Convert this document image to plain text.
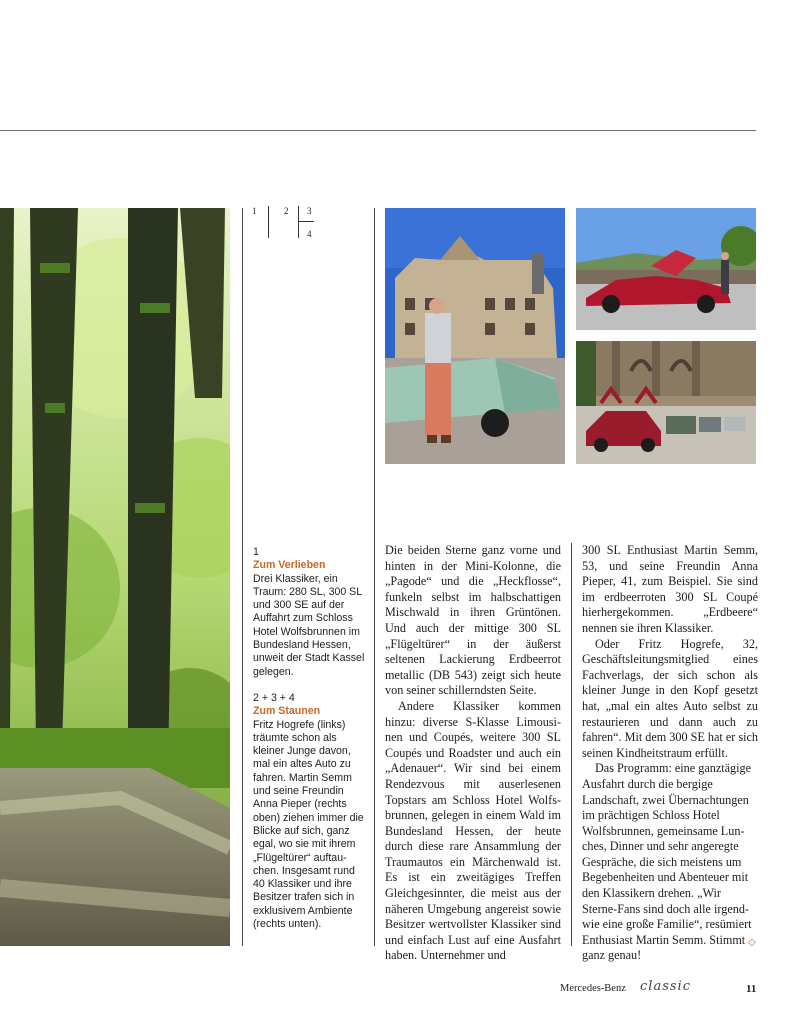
1	2 3
4
1
Zum Verlieben
Drei Klassiker, ein Traum: 280 SL, 300 SL und 300 SE auf der Auffahrt zum Schloss Hotel Wolfsbrunnen im Bundesland Hessen, unweit der Stadt Kassel gelegen.
2 + 3 + 4
Zum Staunen
Fritz Hogrefe (links) träumte schon als kleiner Junge davon, mal ein altes Auto zu fahren. Martin Semm und seine Freundin Anna Pieper (rechts oben) ziehen immer die Blicke auf sich, ganz egal, wo sie mit ihrem „Flügeltürer“ auftauchen. Insgesamt rund 40 Klassiker und ihre Besitzer trafen sich in exklusivem Ambiente (rechts unten).

Die beiden Sterne ganz vorne und hinten in der Mini-Kolonne, die „Pagode“ und die „Heckflosse“, funkeln selbst im halbschattigen Mischwald in ihren Grüntönen. Und auch der mittige 300 SL „Flügeltürer“ in der äußerst seltenen Lackierung Erdbeerrot metallic (DB 543) zeigt sich heute von seiner schillerndsten Seite.

Andere Klassiker kommen hinzu: diverse S-Klasse Limousinen und Coupés, weitere 300 SL Coupés und Roadster und auch ein „Adenauer“. Wir sind bei einem Rendezvous mit auserlesenen Topstars am Schloss Hotel Wolfsbrunnen, gelegen in einem Wald im Bundesland Hessen, der heute durch diese rare Ansammlung der Traumautos ein Märchenwald ist. Es ist ein zweitägiges Treffen Gleichgesinnter, die meist aus der näheren Umgebung angereist sowie Besitzer wertvollster Klassiker sind und einfach Lust auf eine Ausfahrt haben. Unternehmer und

300 SL Enthusiast Martin Semm, 53, und seine Freundin Anna Pieper, 41, zum Beispiel. Sie sind im erdbeerroten 300 SL Coupé hierhergekommen. „Erdbeere“ nennen sie ihren Klassiker.

Oder Fritz Hogrefe, 32, Geschäftsleitungsmitglied eines Fachverlags, der sich schon als kleiner Junge in den Kopf gesetzt hat, „mal ein altes Auto selbst zu restaurieren und dann auch zu fahren“. Mit dem 300 SE hat er sich seinen Kindheitstraum erfüllt.

Das Programm: eine ganztägige Ausfahrt durch die bergige Landschaft, zwei Übernachtungen im prächtigen Schloss Hotel Wolfsbrunnen, gemeinsame Lunches, Dinner und sehr angeregte Gespräche, die sich meistens um Begebenheiten und Abenteuer mit den Klassikern drehen. „Wir Sterne-Fans sind doch alle irgendwie eine große Familie“, resümiert Enthusiast Martin Semm. Stimmt ganz genau!

◇
Mercedes-Benz classic	11
